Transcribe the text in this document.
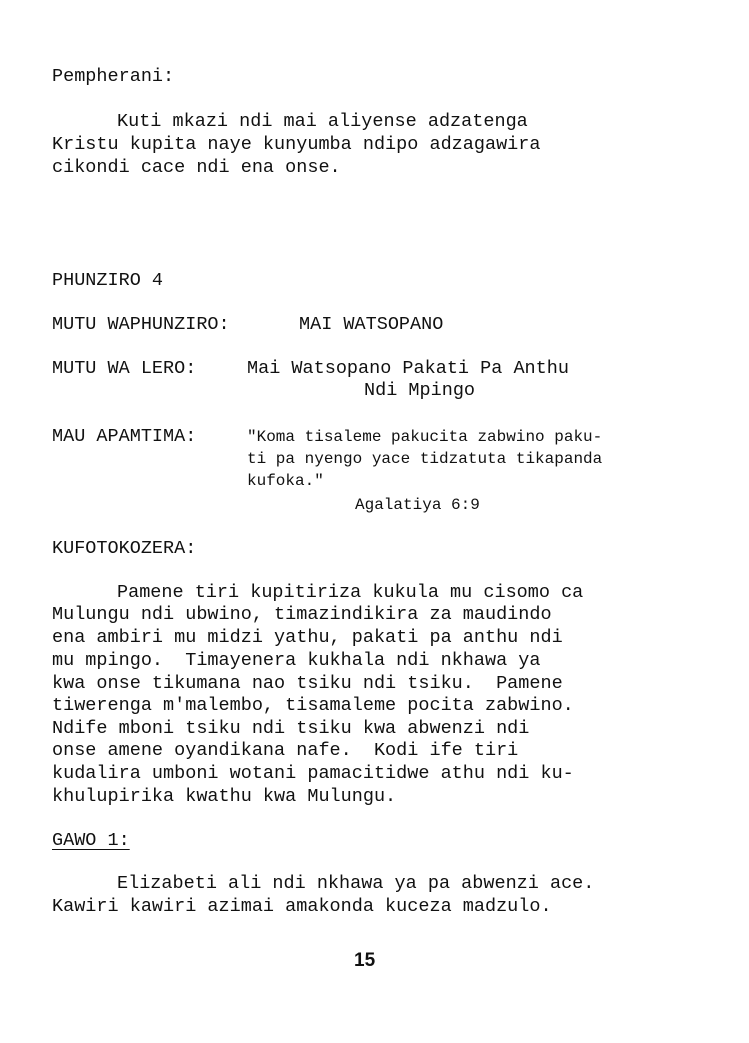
Pempherani:
Kuti mkazi ndi mai aliyense adzatenga
Kristu kupita naye kunyumba ndipo adzagawira
cikondi cace ndi ena onse.
PHUNZIRO 4
MUTU WAPHUNZIRO:	MAI WATSOPANO
MUTU WA LERO:	Mai Watsopano Pakati Pa Anthu
Ndi Mpingo
MAU APAMTIMA:	"Koma tisaleme pakucita zabwino paku-
ti pa nyengo yace tidzatuta tikapanda
kufoka."
Agalatiya 6:9
KUFOTOKOZERA:
Pamene tiri kupitiriza kukula mu cisomo ca
Mulungu ndi ubwino, timazindikira za maudindo
ena ambiri mu midzi yathu, pakati pa anthu ndi
mu mpingo.  Timayenera kukhala ndi nkhawa ya
kwa onse tikumana nao tsiku ndi tsiku.  Pamene
tiwerenga m'malembo, tisamaleme pocita zabwino.
Ndife mboni tsiku ndi tsiku kwa abwenzi ndi
onse amene oyandikana nafe.  Kodi ife tiri
kudalira umboni wotani pamacitidwe athu ndi ku-
khulupirika kwathu kwa Mulungu.
GAWO 1:
Elizabeti ali ndi nkhawa ya pa abwenzi ace.
Kawiri kawiri azimai amakonda kuceza madzulo.
15
